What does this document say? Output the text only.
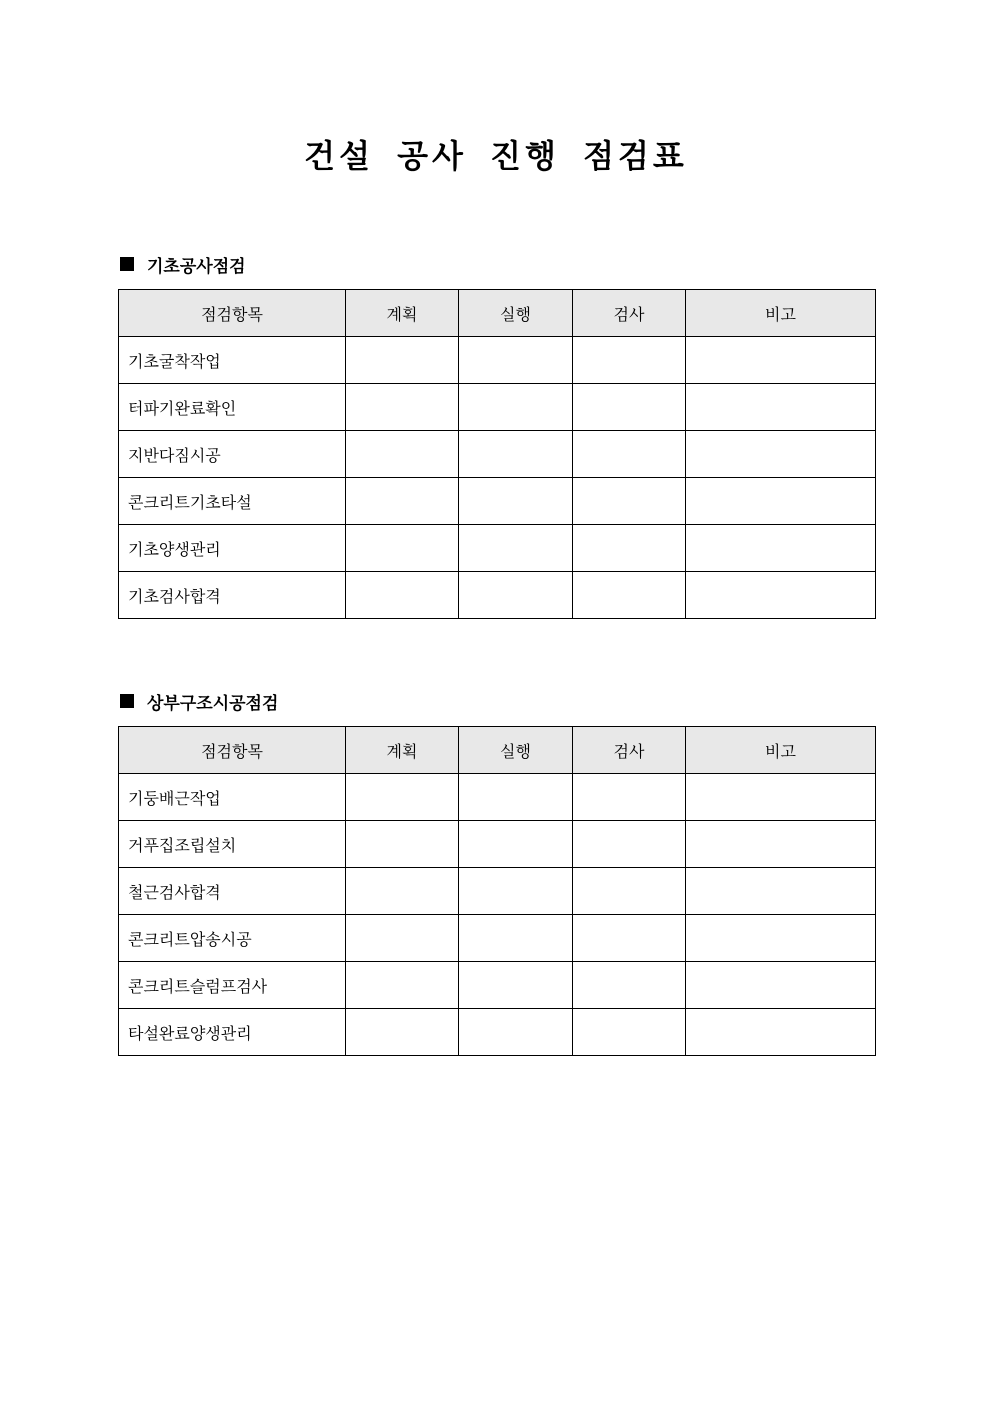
건설 공사 진행 점검표
기초공사점검
점검항목	계획	실행	검사	비고
기초굴착작업				
터파기완료확인				
지반다짐시공				
콘크리트기초타설				
기초양생관리				
기초검사합격				
상부구조시공점검
점검항목	계획	실행	검사	비고
기둥배근작업				
거푸집조립설치				
철근검사합격				
콘크리트압송시공				
콘크리트슬럼프검사				
타설완료양생관리				
